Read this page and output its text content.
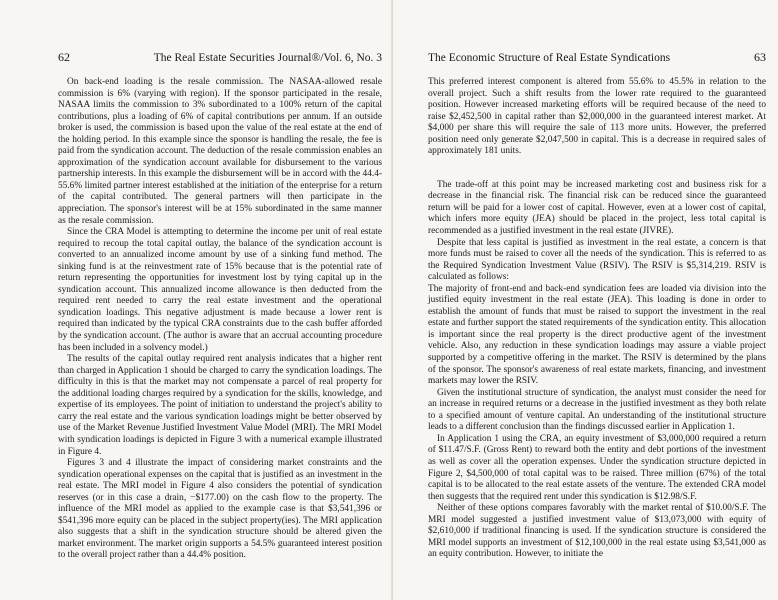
62	The Real Estate Securities Journal®/Vol. 6, No. 3

On back-end loading is the resale commission. The NASAA-allowed resale commission is 6% (varying with region). If the sponsor participated in the resale, NASAA limits the commission to 3% subordinated to a 100% return of the capital contributions, plus a loading of 6% of capital contributions per annum. If an outside broker is used, the commission is based upon the value of the real estate at the end of the holding period. In this example since the sponsor is handling the resale, the fee is paid from the syndication account. The deduction of the resale commission enables an approximation of the syndication account available for disbursement to the various partnership interests. In this example the disbursement will be in accord with the 44.4-55.6% limited partner interest established at the initiation of the enterprise for a return of the capital contributed. The general partners will then participate in the appreciation. The sponsor's interest will be at 15% subordinated in the same manner as the resale commission.

Since the CRA Model is attempting to determine the income per unit of real estate required to recoup the total capital outlay, the balance of the syndication account is converted to an annualized income amount by use of a sinking fund method. The sinking fund is at the reinvestment rate of 15% because that is the potential rate of return representing the opportunities for investment lost by tying capital up in the syndication account. This annualized income allowance is then deducted from the required rent needed to carry the real estate investment and the operational syndication loadings. This negative adjustment is made because a lower rent is required than indicated by the typical CRA constraints due to the cash buffer afforded by the syndication account. (The author is aware that an accrual accounting procedure has been included in a solvency model.)

The results of the capital outlay required rent analysis indicates that a higher rent than charged in Application 1 should be charged to carry the syndication loadings. The difficulty in this is that the market may not compensate a parcel of real property for the additional loading charges required by a syndication for the skills, knowledge, and expertise of its employees. The point of initiation to understand the project's ability to carry the real estate and the various syndication loadings might be better observed by use of the Market Revenue Justified Investment Value Model (MRI). The MRI Model with syndication loadings is depicted in Figure 3 with a numerical example illustrated in Figure 4.

Figures 3 and 4 illustrate the impact of considering market constraints and the syndication operational expenses on the capital that is justified as an investment in the real estate. The MRI model in Figure 4 also considers the potential of syndication reserves (or in this case a drain, −$177.00) on the cash flow to the property. The influence of the MRI model as applied to the example case is that $3,541,396 or $541,396 more equity can be placed in the subject property(ies). The MRI application also suggests that a shift in the syndication structure should be altered given the market environment. The market origin supports a 54.5% guaranteed interest position to the overall project rather than a 44.4% position.

The Economic Structure of Real Estate Syndications	63

This preferred interest component is altered from 55.6% to 45.5% in relation to the overall project. Such a shift results from the lower rate required to the guaranteed position. However increased marketing efforts will be required because of the need to raise $2,452,500 in capital rather than $2,000,000 in the guaranteed interest market. At $4,000 per share this will require the sale of 113 more units. However, the preferred position need only generate $2,047,500 in capital. This is a decrease in required sales of approximately 181 units.

The trade-off at this point may be increased marketing cost and business risk for a decrease in the financial risk. The financial risk can be reduced since the guaranteed return will be paid for a lower cost of capital. However, even at a lower cost of capital, which infers more equity (JEA) should be placed in the project, less total capital is recommended as a justified investment in the real estate (JIVRE).

Despite that less capital is justified as investment in the real estate, a concern is that more funds must be raised to cover all the needs of the syndication. This is referred to as the Required Syndication Investment Value (RSIV). The RSIV is $5,314,219. RSIV is calculated as follows:

The majority of front-end and back-end syndication fees are loaded via division into the justified equity investment in the real estate (JEA). This loading is done in order to establish the amount of funds that must be raised to support the investment in the real estate and further support the stated requirements of the syndication entity. This allocation is important since the real property is the direct productive agent of the investment vehicle. Also, any reduction in these syndication loadings may assure a viable project supported by a competitive offering in the market. The RSIV is determined by the plans of the sponsor. The sponsor's awareness of real estate markets, financing, and investment markets may lower the RSIV.

Given the institutional structure of syndication, the analyst must consider the need for an increase in required returns or a decrease in the justified investment as they both relate to a specified amount of venture capital. An understanding of the institutional structure leads to a different conclusion than the findings discussed earlier in Application 1.

In Application 1 using the CRA, an equity investment of $3,000,000 required a return of $11.47/S.F. (Gross Rent) to reward both the entity and debt portions of the investment as well as cover all the operation expenses. Under the syndication structure depicted in Figure 2, $4,500,000 of total capital was to be raised. Three million (67%) of the total capital is to be allocated to the real estate assets of the venture. The extended CRA model then suggests that the required rent under this syndication is $12.98/S.F.

Neither of these options compares favorably with the market rental of $10.00/S.F. The MRI model suggested a justified investment value of $13,073,000 with equity of $2,610,000 if traditional financing is used. If the syndication structure is considered the MRI model supports an investment of $12,100,000 in the real estate using $3,541,000 as an equity contribution. However, to initiate the
